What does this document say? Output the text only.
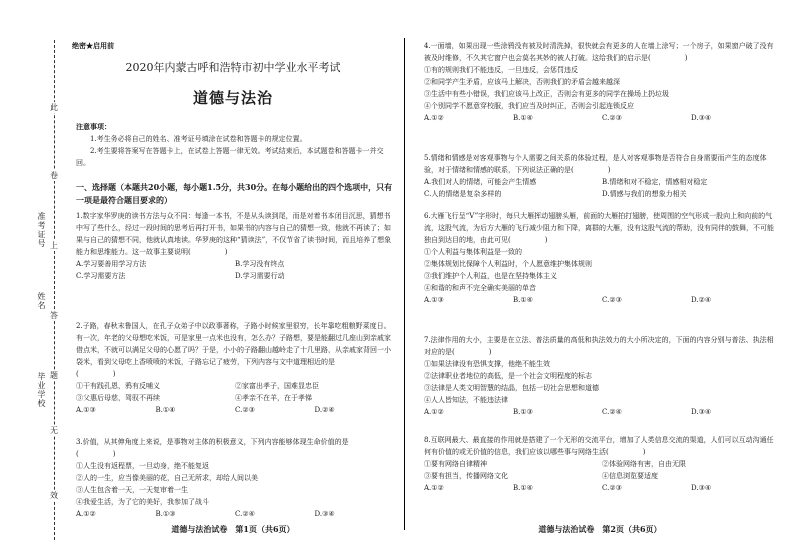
准考证号
姓名
毕业学校
此
卷
上
答
题
无
效
绝密★启用前
2020年内蒙古呼和浩特市初中学业水平考试
道德与法治
注意事项：
1.考生务必将自己的姓名、准考证号填涂在试卷和答题卡的规定位置。
2.考生要将答案写在答题卡上，在试卷上答题一律无效。考试结束后，本试题卷和答题卡一并交回。
一、选择题（本题共20小题，每小题1.5分，共30分。在每小题给出的四个选项中，只有一项是最符合题目要求的）

1.数字家华罗庚的读书方法与众不同：每逢一本书，不是从头读到尾，而是对着书本闭目沉思，猜想书中写了些什么，经过一段时间的思考后再打开书，如果书的内容与自己的猜想一致，他就不再读了；如果与自己的猜想不同，他就认真地读。华罗庚的这种“猜读法”，不仅节省了读书时间，而且培养了想象能力和思维能力。这一故事主要说明()

A.学习要善用学习方法	B.学习没有终点
C.学习需要方法	D.学习需要行动

2.子路，春秋末鲁国人，在孔子众弟子中以政事著称，子路小时候家里很穷，长年靠吃粗粮野菜度日。有一次，年老的父母想吃米饭，可是家里一点米也没有，怎么办？子路想，要是能翻过几座山到亲戚家借点米，不就可以满足父母的心愿了吗？于是，小小的子路翻山越岭走了十几里路，从亲戚家背回一小袋米，看到父母吃上香喷喷的米饭，子路忘记了疲劳，下列内容与文中道理相近的是()

①干有践孔恩，鸦有反哺义	②家富出孝子，国难显忠臣
③父惠后母慈，驾驭不再续	④孝亲不在羊，在于孝悌
A.①③	B.①④	C.②③	D.②④

3.价值，从其伸角度上来说，是事物对主体的积极意义，下列内容能够体现生命价值的是()

①人生没有返程票，一旦动身，绝不能复返
②人的一生，应当像美丽的花，自己无所求，却给人间以美
③人生包含着一天，一天复审着一生
④我爱生活，为了它的美好，我参加了战斗
A.①②	B.①③	C.②④	D.③④
道德与法治试卷　第1页（共6页）

4.一面墙，如果出现一些涂鸦没有被及时清洗掉，很快就会有更多的人在墙上涂写；一个房子，如果窗户破了没有被及时维修，不久其它窗户也会莫名其妙的被人打破。这给我们的启示是()

①有的规则我们不能违反，一旦违反，会惩罚违反
②和同学产生矛盾，应该马上解决，否则我们的矛盾会越来越深
③生活中有些小错误，我们应该马上改正，否则会有更多的同学在操场上扔垃圾
④个别同学不愿意穿校服，我们应当及时纠正，否则会引起连锁反应
A.①②	B.①④	C.②③	D.③④

5.情绪和情感是对客观事物与个人需要之间关系的体验过程，是人对客观事物是否符合自身需要而产生的态度体验，对于情绪和情感的联系，下列说法正确的是()

A.我们对人的情绪，可能会产生情感	B.情绪和对不稳定，情感相对稳定
C.人的情绪是复杂多样的	D.情感与我们的想象力相关

6.大雁飞行呈“V”字形时，每只大雁挥动翅膀头雁，前面的大雁拍打翅膀，使周围的空气形成一股向上和向前的气流，这股气流，为后方大雁的飞行减少阻力和下降，离群的大雁，没有这股气流的帮助，没有同伴的鼓舞，不可能独自到达目的地，由此可见()

①个人利益与集体利益是一致的
②集体规划比保障个人利益时，个人愿意维护集体规则
③我们维护个人利益，也是在坚持集体主义
④和谐的和声不完全确实美丽的单音
A.①③	B.①④	C.②③	D.②④

7.法律作用的大小，主要是在立法、普法质量的高低和执法效力的大小所决定的，下面的内容分别与普法、执法相对应的是()

①如果法律没有恐惧支撑，他绝不能生效
②法律职业者地位的高低，是一个社会文明程度的标志
③法律是人类文明智慧的结晶，包括一切社会思想和道德
④人人皆知法，不能违法律
A.①②	B.①③	C.②④	D.③④

8.互联网最大、最直接的作用就是搭建了一个无形的交流平台，增加了人类信息交流的渠道，人们可以互动沟通任何有价值的或无价值的信息，我们应该以哪些事与网络生活()

①要有网络自律精神	②体验网络有害，自由无限
③要有担当，传播网络文化	④信息浏览要适度
A.①②	B.①④	C.②③	D.③④
道德与法治试卷　第2页（共6页）
